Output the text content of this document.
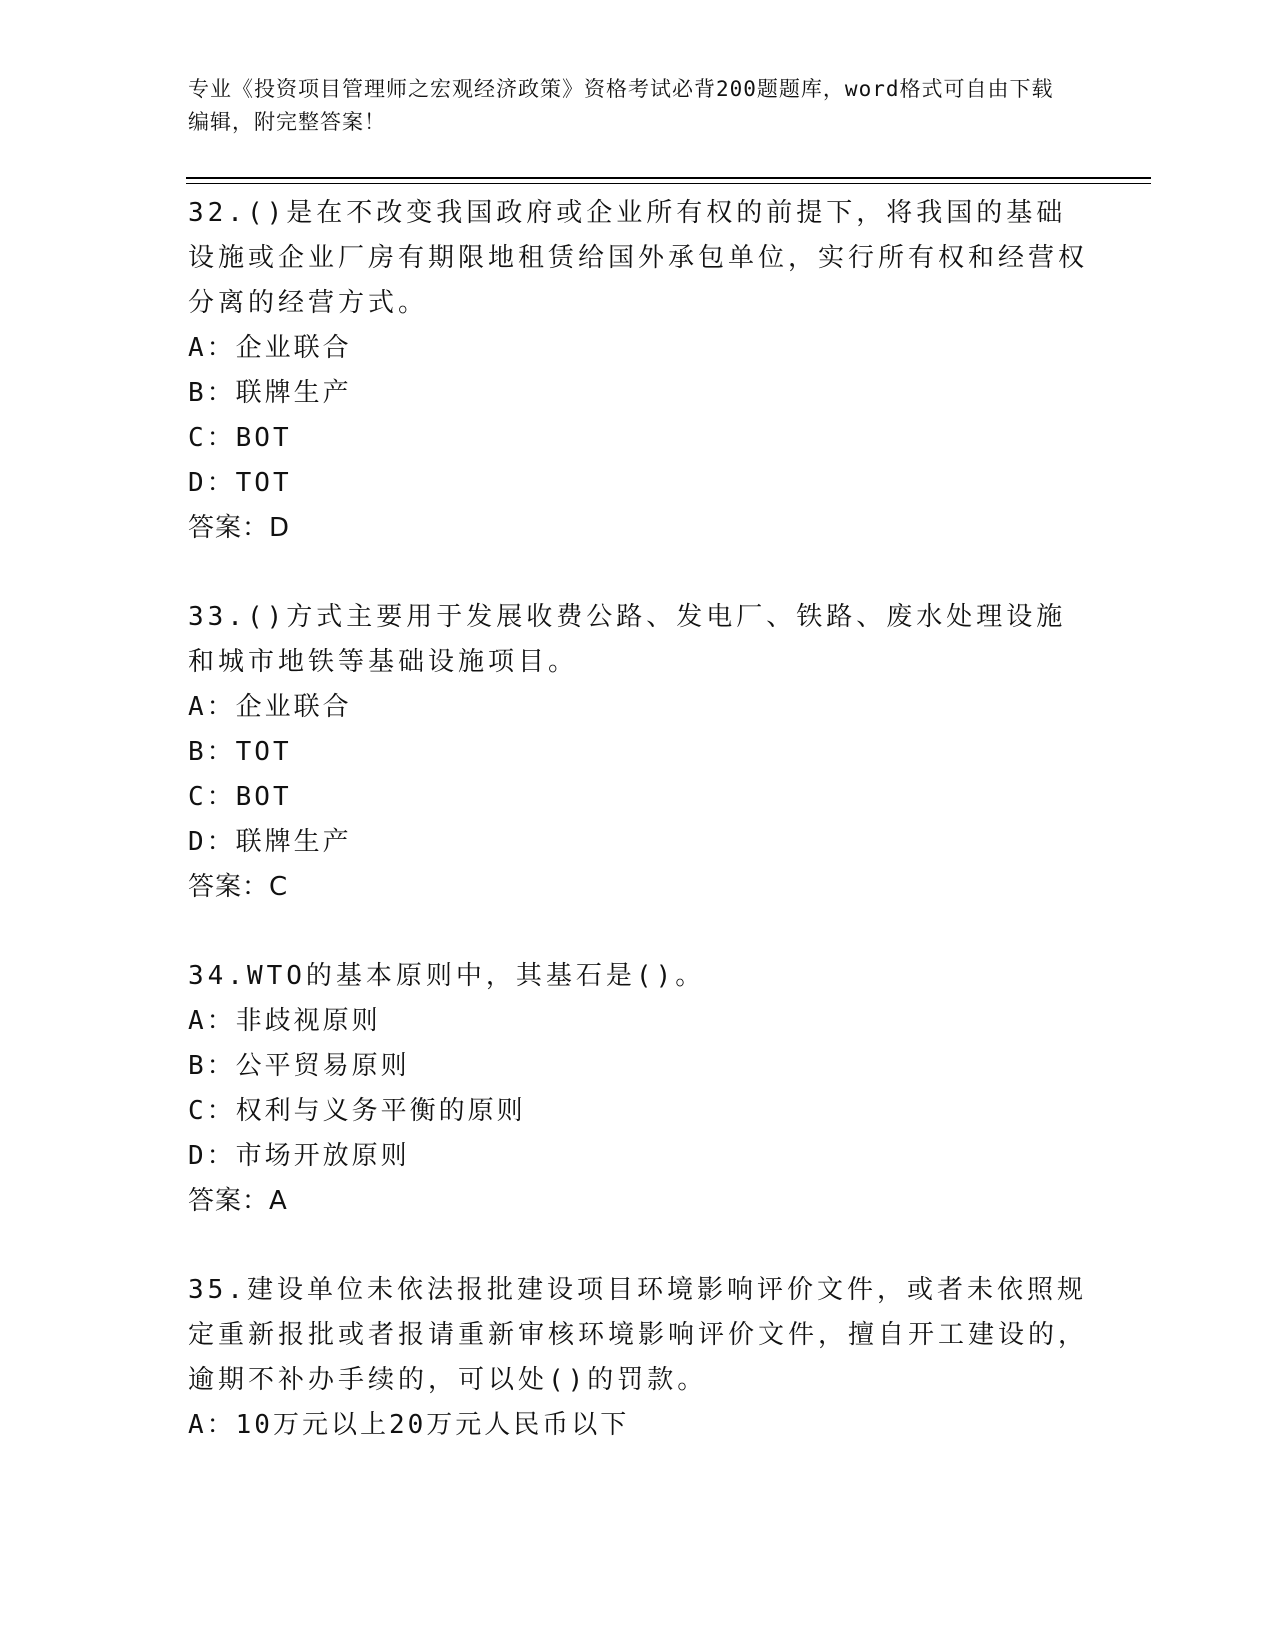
专业《投资项目管理师之宏观经济政策》资格考试必背200题题库，word格式可自由下载编辑，附完整答案！

32.()是在不改变我国政府或企业所有权的前提下，将我国的基础设施或企业厂房有期限地租赁给国外承包单位，实行所有权和经营权分离的经营方式。

A：企业联合

B：联牌生产

C：BOT

D：TOT

答案：D

33.()方式主要用于发展收费公路、发电厂、铁路、废水处理设施和城市地铁等基础设施项目。

A：企业联合

B：TOT

C：BOT

D：联牌生产

答案：C

34.WTO的基本原则中，其基石是()。

A：非歧视原则

B：公平贸易原则

C：权利与义务平衡的原则

D：市场开放原则

答案：A

35.建设单位未依法报批建设项目环境影响评价文件，或者未依照规定重新报批或者报请重新审核环境影响评价文件，擅自开工建设的，逾期不补办手续的，可以处()的罚款。

A：10万元以上20万元人民币以下
